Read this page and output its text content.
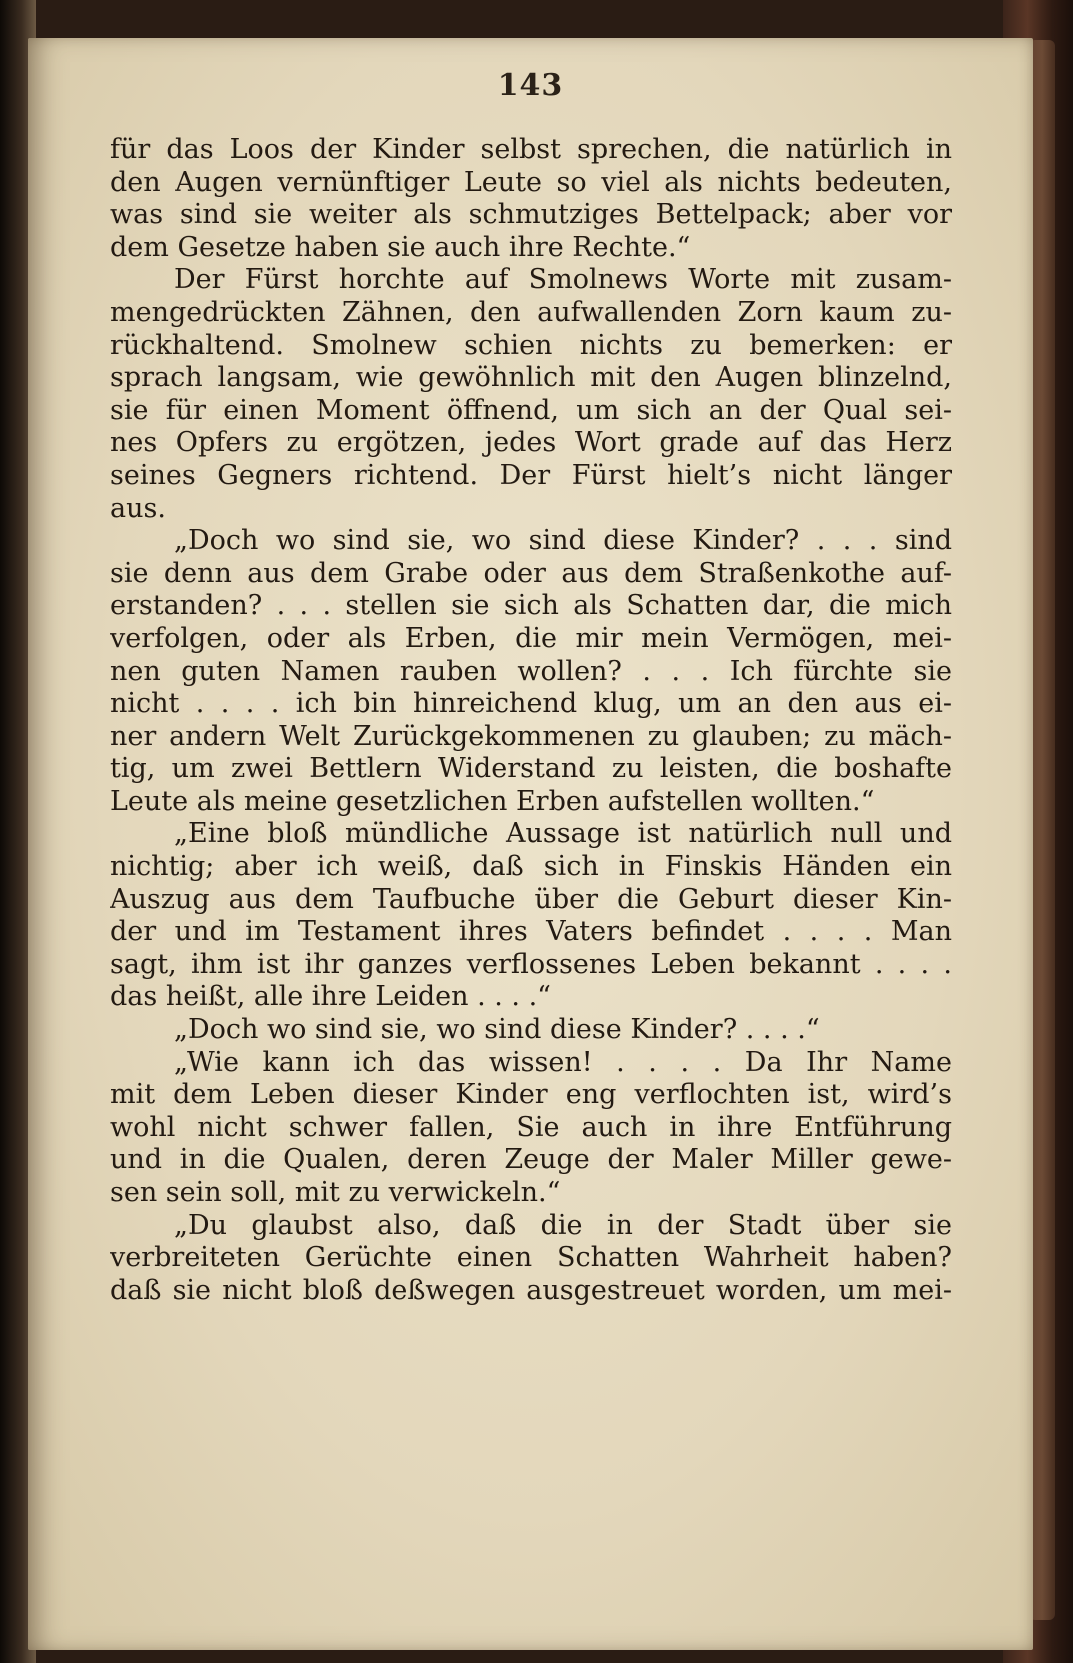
143
für das Loos der Kinder selbst sprechen, die natürlich in
den Augen vernünftiger Leute so viel als nichts bedeuten,
was sind sie weiter als schmutziges Bettelpack; aber vor
dem Gesetze haben sie auch ihre Rechte.“
Der Fürst horchte auf Smolnews Worte mit zusam-
mengedrückten Zähnen, den aufwallenden Zorn kaum zu-
rückhaltend. Smolnew schien nichts zu bemerken: er
sprach langsam, wie gewöhnlich mit den Augen blinzelnd,
sie für einen Moment öffnend, um sich an der Qual sei-
nes Opfers zu ergötzen, jedes Wort grade auf das Herz
seines Gegners richtend. Der Fürst hielt’s nicht länger
aus.
„Doch wo sind sie, wo sind diese Kinder? . . . sind
sie denn aus dem Grabe oder aus dem Straßenkothe auf-
erstanden? . . . stellen sie sich als Schatten dar, die mich
verfolgen, oder als Erben, die mir mein Vermögen, mei-
nen guten Namen rauben wollen? . . . Ich fürchte sie
nicht . . . . ich bin hinreichend klug, um an den aus ei-
ner andern Welt Zurückgekommenen zu glauben; zu mäch-
tig, um zwei Bettlern Widerstand zu leisten, die boshafte
Leute als meine gesetzlichen Erben aufstellen wollten.“
„Eine bloß mündliche Aussage ist natürlich null und
nichtig; aber ich weiß, daß sich in Finskis Händen ein
Auszug aus dem Taufbuche über die Geburt dieser Kin-
der und im Testament ihres Vaters befindet . . . . Man
sagt, ihm ist ihr ganzes verflossenes Leben bekannt . . . .
das heißt, alle ihre Leiden . . . .“
„Doch wo sind sie, wo sind diese Kinder? . . . .“
„Wie kann ich das wissen! . . . . Da Ihr Name
mit dem Leben dieser Kinder eng verflochten ist, wird’s
wohl nicht schwer fallen, Sie auch in ihre Entführung
und in die Qualen, deren Zeuge der Maler Miller gewe-
sen sein soll, mit zu verwickeln.“
„Du glaubst also, daß die in der Stadt über sie
verbreiteten Gerüchte einen Schatten Wahrheit haben?
daß sie nicht bloß deßwegen ausgestreuet worden, um mei-
